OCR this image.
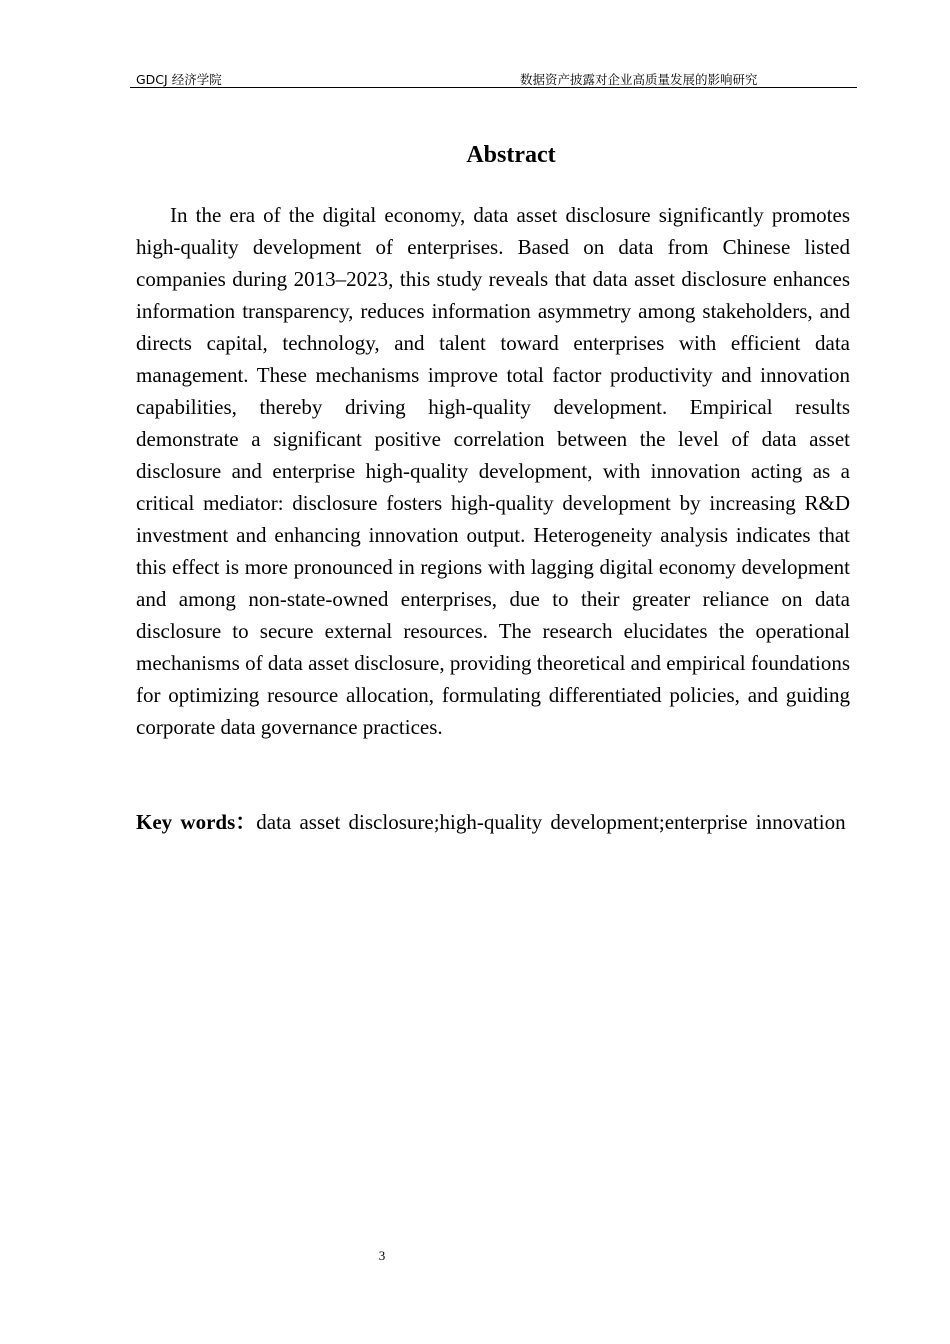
GDCJ 经济学院	数据资产披露对企业高质量发展的影响研究
Abstract

In the era of the digital economy, data asset disclosure significantly promotes high-quality development of enterprises. Based on data from Chinese listed companies during 2013–2023, this study reveals that data asset disclosure enhances information transparency, reduces information asymmetry among stakeholders, and directs capital, technology, and talent toward enterprises with efficient data management. These mechanisms improve total factor productivity and innovation capabilities, thereby driving high-quality development. Empirical results demonstrate a significant positive correlation between the level of data asset disclosure and enterprise high-quality development, with innovation acting as a critical mediator: disclosure fosters high-quality development by increasing R&D investment and enhancing innovation output. Heterogeneity analysis indicates that this effect is more pronounced in regions with lagging digital economy development and among non-state-owned enterprises, due to their greater reliance on data disclosure to secure external resources. The research elucidates the operational mechanisms of data asset disclosure, providing theoretical and empirical foundations for optimizing resource allocation, formulating differentiated policies, and guiding corporate data governance practices.

Key words：data asset disclosure;high-quality development;enterprise innovation
3
